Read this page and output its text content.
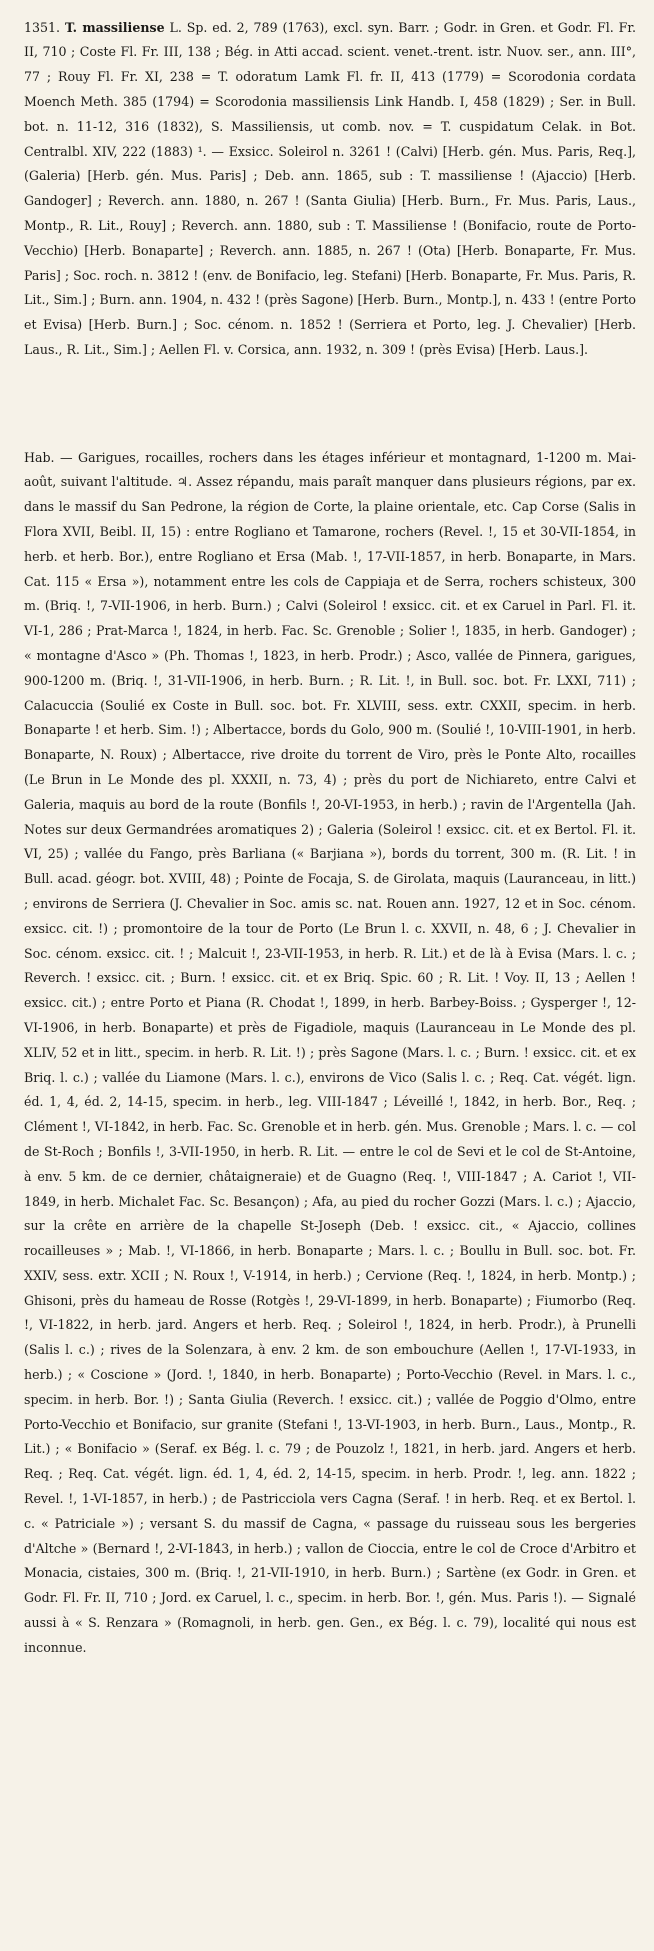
1351. T. massiliense L. Sp. ed. 2, 789 (1763), excl. syn. Barr. ; Godr. in Gren. et Godr. Fl. Fr. II, 710 ; Coste Fl. Fr. III, 138 ; Bég. in Atti accad. scient. venet.-trent. istr. Nuov. ser., ann. III°, 77 ; Rouy Fl. Fr. XI, 238 = T. odoratum Lamk Fl. fr. II, 413 (1779) = Scorodonia cordata Moench Meth. 385 (1794) = Scorodonia massiliensis Link Handb. I, 458 (1829) ; Ser. in Bull. bot. n. 11-12, 316 (1832), S. Massiliensis, ut comb. nov. = T. cuspidatum Celak. in Bot. Centralbl. XIV, 222 (1883) ¹. — Exsicc. Soleirol n. 3261 ! (Calvi) [Herb. gén. Mus. Paris, Req.], (Galeria) [Herb. gén. Mus. Paris] ; Deb. ann. 1865, sub : T. massiliense ! (Ajaccio) [Herb. Gandoger] ; Reverch. ann. 1880, n. 267 ! (Santa Giulia) [Herb. Burn., Fr. Mus. Paris, Laus., Montp., R. Lit., Rouy] ; Reverch. ann. 1880, sub : T. Massiliense ! (Bonifacio, route de Porto-Vecchio) [Herb. Bonaparte] ; Reverch. ann. 1885, n. 267 ! (Ota) [Herb. Bonaparte, Fr. Mus. Paris] ; Soc. roch. n. 3812 ! (env. de Bonifacio, leg. Stefani) [Herb. Bonaparte, Fr. Mus. Paris, R. Lit., Sim.] ; Burn. ann. 1904, n. 432 ! (près Sagone) [Herb. Burn., Montp.], n. 433 ! (entre Porto et Evisa) [Herb. Burn.] ; Soc. cénom. n. 1852 ! (Serriera et Porto, leg. J. Chevalier) [Herb. Laus., R. Lit., Sim.] ; Aellen Fl. v. Corsica, ann. 1932, n. 309 ! (près Evisa) [Herb. Laus.].

Hab. — Garigues, rocailles, rochers dans les étages inférieur et montagnard, 1-1200 m. Mai-août, suivant l'altitude. ♃. Assez répandu, mais paraît manquer dans plusieurs régions, par ex. dans le massif du San Pedrone, la région de Corte, la plaine orientale, etc. Cap Corse (Salis in Flora XVII, Beibl. II, 15) : entre Rogliano et Tamarone, rochers (Revel. !, 15 et 30-VII-1854, in herb. et herb. Bor.), entre Rogliano et Ersa (Mab. !, 17-VII-1857, in herb. Bonaparte, in Mars. Cat. 115 « Ersa »), notamment entre les cols de Cappiaja et de Serra, rochers schisteux, 300 m. (Briq. !, 7-VII-1906, in herb. Burn.) ; Calvi (Soleirol ! exsicc. cit. et ex Caruel in Parl. Fl. it. VI-1, 286 ; Prat-Marca !, 1824, in herb. Fac. Sc. Grenoble ; Solier !, 1835, in herb. Gandoger) ; « montagne d'Asco » (Ph. Thomas !, 1823, in herb. Prodr.) ; Asco, vallée de Pinnera, garigues, 900-1200 m. (Briq. !, 31-VII-1906, in herb. Burn. ; R. Lit. !, in Bull. soc. bot. Fr. LXXI, 711) ; Calacuccia (Soulié ex Coste in Bull. soc. bot. Fr. XLVIII, sess. extr. CXXII, specim. in herb. Bonaparte ! et herb. Sim. !) ; Albertacce, bords du Golo, 900 m. (Soulié !, 10-VIII-1901, in herb. Bonaparte, N. Roux) ; Albertacce, rive droite du torrent de Viro, près le Ponte Alto, rocailles (Le Brun in Le Monde des pl. XXXII, n. 73, 4) ; près du port de Nichiareto, entre Calvi et Galeria, maquis au bord de la route (Bonfils !, 20-VI-1953, in herb.) ; ravin de l'Argentella (Jah. Notes sur deux Germandrées aromatiques 2) ; Galeria (Soleirol ! exsicc. cit. et ex Bertol. Fl. it. VI, 25) ; vallée du Fango, près Barliana (« Barjiana »), bords du torrent, 300 m. (R. Lit. ! in Bull. acad. géogr. bot. XVIII, 48) ; Pointe de Focaja, S. de Girolata, maquis (Lauranceau, in litt.) ; environs de Serriera (J. Chevalier in Soc. amis sc. nat. Rouen ann. 1927, 12 et in Soc. cénom. exsicc. cit. !) ; promontoire de la tour de Porto (Le Brun l. c. XXVII, n. 48, 6 ; J. Chevalier in Soc. cénom. exsicc. cit. ! ; Malcuit !, 23-VII-1953, in herb. R. Lit.) et de là à Evisa (Mars. l. c. ; Reverch. ! exsicc. cit. ; Burn. ! exsicc. cit. et ex Briq. Spic. 60 ; R. Lit. ! Voy. II, 13 ; Aellen ! exsicc. cit.) ; entre Porto et Piana (R. Chodat !, 1899, in herb. Barbey-Boiss. ; Gysperger !, 12-VI-1906, in herb. Bonaparte) et près de Figadiole, maquis (Lauranceau in Le Monde des pl. XLIV, 52 et in litt., specim. in herb. R. Lit. !) ; près Sagone (Mars. l. c. ; Burn. ! exsicc. cit. et ex Briq. l. c.) ; vallée du Liamone (Mars. l. c.), environs de Vico (Salis l. c. ; Req. Cat. végét. lign. éd. 1, 4, éd. 2, 14-15, specim. in herb., leg. VIII-1847 ; Léveillé !, 1842, in herb. Bor., Req. ; Clément !, VI-1842, in herb. Fac. Sc. Grenoble et in herb. gén. Mus. Grenoble ; Mars. l. c. — col de St-Roch ; Bonfils !, 3-VII-1950, in herb. R. Lit. — entre le col de Sevi et le col de St-Antoine, à env. 5 km. de ce dernier, châtaigneraie) et de Guagno (Req. !, VIII-1847 ; A. Cariot !, VII-1849, in herb. Michalet Fac. Sc. Besançon) ; Afa, au pied du rocher Gozzi (Mars. l. c.) ; Ajaccio, sur la crête en arrière de la chapelle St-Joseph (Deb. ! exsicc. cit., « Ajaccio, collines rocailleuses » ; Mab. !, VI-1866, in herb. Bonaparte ; Mars. l. c. ; Boullu in Bull. soc. bot. Fr. XXIV, sess. extr. XCII ; N. Roux !, V-1914, in herb.) ; Cervione (Req. !, 1824, in herb. Montp.) ; Ghisoni, près du hameau de Rosse (Rotgès !, 29-VI-1899, in herb. Bonaparte) ; Fiumorbo (Req. !, VI-1822, in herb. jard. Angers et herb. Req. ; Soleirol !, 1824, in herb. Prodr.), à Prunelli (Salis l. c.) ; rives de la Solenzara, à env. 2 km. de son embouchure (Aellen !, 17-VI-1933, in herb.) ; « Coscione » (Jord. !, 1840, in herb. Bonaparte) ; Porto-Vecchio (Revel. in Mars. l. c., specim. in herb. Bor. !) ; Santa Giulia (Reverch. ! exsicc. cit.) ; vallée de Poggio d'Olmo, entre Porto-Vecchio et Bonifacio, sur granite (Stefani !, 13-VI-1903, in herb. Burn., Laus., Montp., R. Lit.) ; « Bonifacio » (Seraf. ex Bég. l. c. 79 ; de Pouzolz !, 1821, in herb. jard. Angers et herb. Req. ; Req. Cat. végét. lign. éd. 1, 4, éd. 2, 14-15, specim. in herb. Prodr. !, leg. ann. 1822 ; Revel. !, 1-VI-1857, in herb.) ; de Pastricciola vers Cagna (Seraf. ! in herb. Req. et ex Bertol. l. c. « Patriciale ») ; versant S. du massif de Cagna, « passage du ruisseau sous les bergeries d'Altche » (Bernard !, 2-VI-1843, in herb.) ; vallon de Cioccia, entre le col de Croce d'Arbitro et Monacia, cistaies, 300 m. (Briq. !, 21-VII-1910, in herb. Burn.) ; Sartène (ex Godr. in Gren. et Godr. Fl. Fr. II, 710 ; Jord. ex Caruel, l. c., specim. in herb. Bor. !, gén. Mus. Paris !). — Signalé aussi à « S. Renzara » (Romagnoli, in herb. gen. Gen., ex Bég. l. c. 79), localité qui nous est inconnue.
